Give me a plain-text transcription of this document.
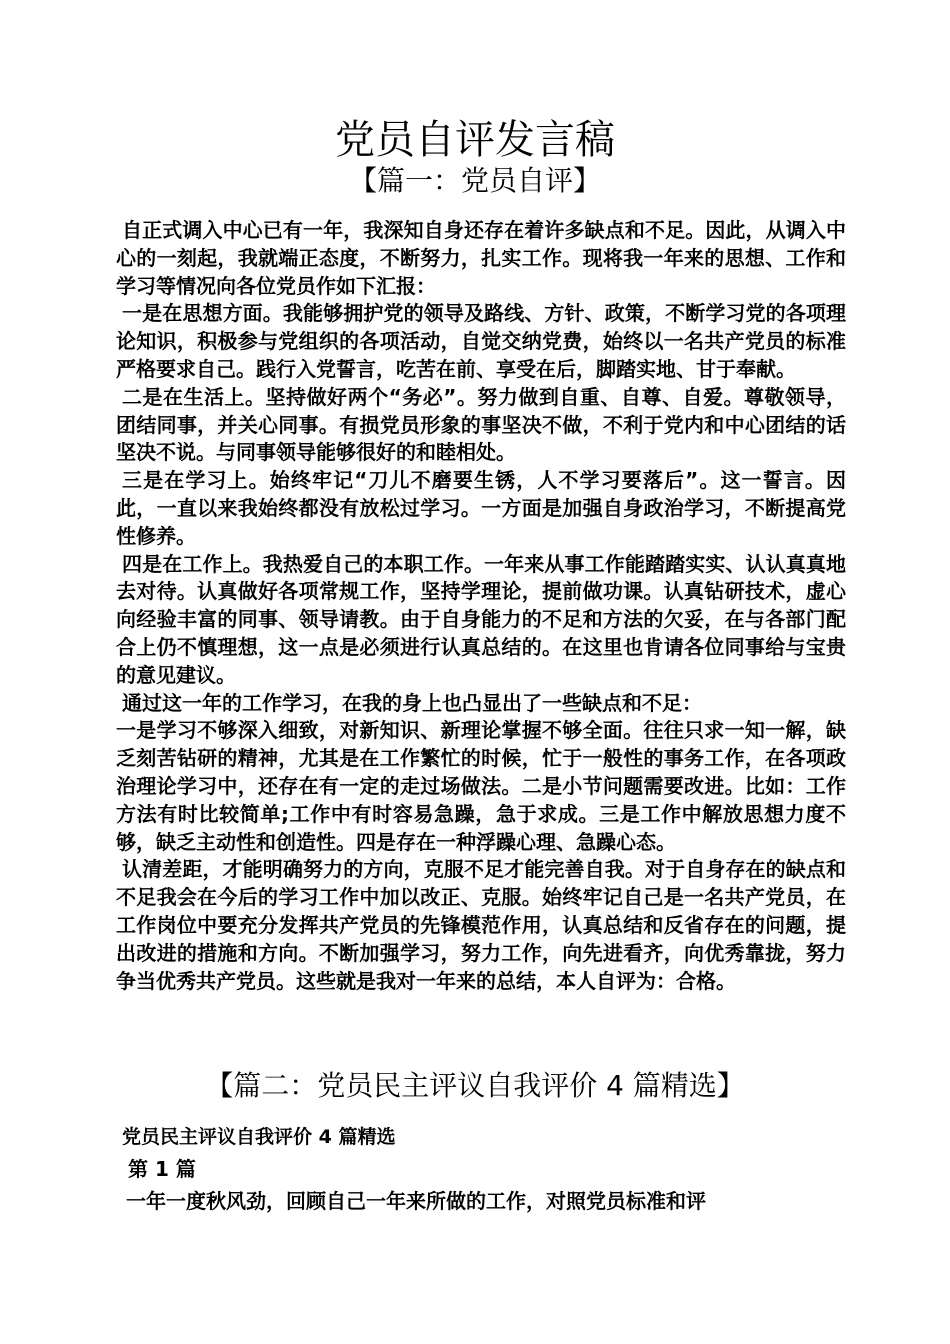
党员自评发言稿
【篇一：党员自评】

自正式调入中心已有一年，我深知自身还存在着许多缺点和不足。因此，从调入中心的一刻起，我就端正态度，不断努力，扎实工作。现将我一年来的思想、工作和学习等情况向各位党员作如下汇报：

一是在思想方面。我能够拥护党的领导及路线、方针、政策，不断学习党的各项理论知识，积极参与党组织的各项活动，自觉交纳党费，始终以一名共产党员的标准严格要求自己。践行入党誓言，吃苦在前、享受在后，脚踏实地、甘于奉献。

二是在生活上。坚持做好两个“务必”。努力做到自重、自尊、自爱。尊敬领导，团结同事，并关心同事。有损党员形象的事坚决不做，不利于党内和中心团结的话坚决不说。与同事领导能够很好的和睦相处。

三是在学习上。始终牢记“刀儿不磨要生锈，人不学习要落后”。这一誓言。因此，一直以来我始终都没有放松过学习。一方面是加强自身政治学习，不断提高党性修养。

四是在工作上。我热爱自己的本职工作。一年来从事工作能踏踏实实、认认真真地去对待。认真做好各项常规工作，坚持学理论，提前做功课。认真钻研技术，虚心向经验丰富的同事、领导请教。由于自身能力的不足和方法的欠妥，在与各部门配合上仍不慎理想，这一点是必须进行认真总结的。在这里也肯请各位同事给与宝贵的意见建议。

通过这一年的工作学习，在我的身上也凸显出了一些缺点和不足：

一是学习不够深入细致，对新知识、新理论掌握不够全面。往往只求一知一解，缺乏刻苦钻研的精神，尤其是在工作繁忙的时候，忙于一般性的事务工作，在各项政治理论学习中，还存在有一定的走过场做法。二是小节问题需要改进。比如：工作方法有时比较简单;工作中有时容易急躁，急于求成。三是工作中解放思想力度不够，缺乏主动性和创造性。四是存在一种浮躁心理、急躁心态。

认清差距，才能明确努力的方向，克服不足才能完善自我。对于自身存在的缺点和不足我会在今后的学习工作中加以改正、克服。始终牢记自己是一名共产党员，在工作岗位中要充分发挥共产党员的先锋模范作用，认真总结和反省存在的问题，提出改进的措施和方向。不断加强学习，努力工作，向先进看齐，向优秀靠拢，努力争当优秀共产党员。这些就是我对一年来的总结，本人自评为：合格。

【篇二：党员民主评议自我评价 4 篇精选】

党员民主评议自我评价 4 篇精选

第 1 篇

一年一度秋风劲，回顾自己一年来所做的工作，对照党员标准和评
